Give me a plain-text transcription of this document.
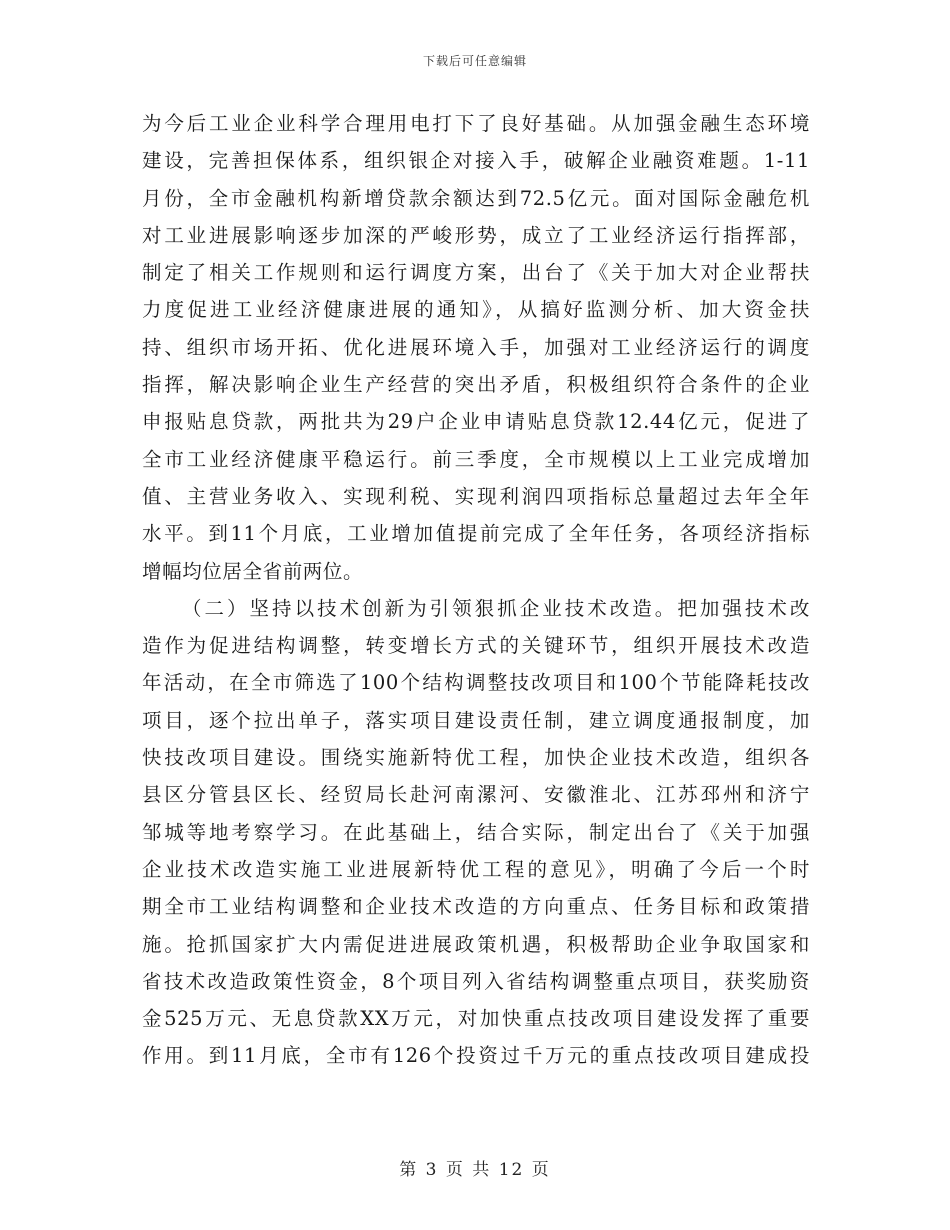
下载后可任意编辑
为今后工业企业科学合理用电打下了良好基础。从加强金融生态环境
建设，完善担保体系，组织银企对接入手，破解企业融资难题。1-11
月份，全市金融机构新增贷款余额达到72.5亿元。面对国际金融危机
对工业进展影响逐步加深的严峻形势，成立了工业经济运行指挥部，
制定了相关工作规则和运行调度方案，出台了《关于加大对企业帮扶
力度促进工业经济健康进展的通知》，从搞好监测分析、加大资金扶
持、组织市场开拓、优化进展环境入手，加强对工业经济运行的调度
指挥，解决影响企业生产经营的突出矛盾，积极组织符合条件的企业
申报贴息贷款，两批共为29户企业申请贴息贷款12.44亿元，促进了
全市工业经济健康平稳运行。前三季度，全市规模以上工业完成增加
值、主营业务收入、实现利税、实现利润四项指标总量超过去年全年
水平。到11个月底，工业增加值提前完成了全年任务，各项经济指标
增幅均位居全省前两位。
（二）坚持以技术创新为引领狠抓企业技术改造。把加强技术改
造作为促进结构调整，转变增长方式的关键环节，组织开展技术改造
年活动，在全市筛选了100个结构调整技改项目和100个节能降耗技改
项目，逐个拉出单子，落实项目建设责任制，建立调度通报制度，加
快技改项目建设。围绕实施新特优工程，加快企业技术改造，组织各
县区分管县区长、经贸局长赴河南漯河、安徽淮北、江苏邳州和济宁
邹城等地考察学习。在此基础上，结合实际，制定出台了《关于加强
企业技术改造实施工业进展新特优工程的意见》，明确了今后一个时
期全市工业结构调整和企业技术改造的方向重点、任务目标和政策措
施。抢抓国家扩大内需促进进展政策机遇，积极帮助企业争取国家和
省技术改造政策性资金，8个项目列入省结构调整重点项目，获奖励资
金525万元、无息贷款XX万元，对加快重点技改项目建设发挥了重要
作用。到11月底，全市有126个投资过千万元的重点技改项目建成投
第 3 页 共 12 页
